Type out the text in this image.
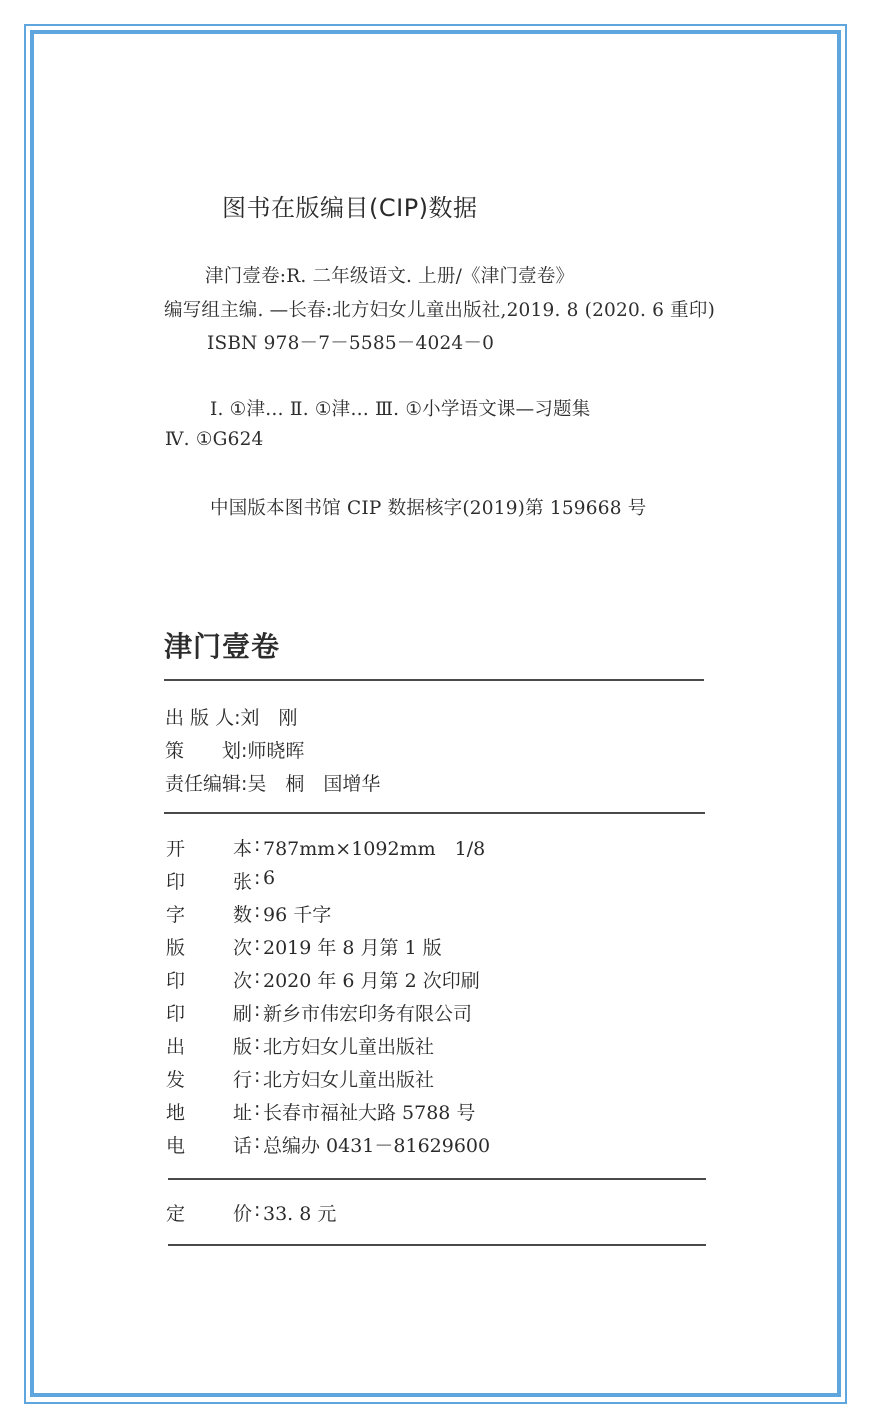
图书在版编目(CIP)数据
津门壹卷:R. 二年级语文. 上册/《津门壹卷》
编写组主编. —长春:北方妇女儿童出版社,2019. 8 (2020. 6 重印)
ISBN 978－7－5585－4024－0
Ⅰ. ①津… Ⅱ. ①津… Ⅲ. ①小学语文课—习题集
Ⅳ. ①G624
中国版本图书馆 CIP 数据核字(2019)第 159668 号
津门壹卷
出 版 人:刘　刚
策　　划:师晓晖
责任编辑:吴　桐　国增华
开	本 : 787mm×1092mm　1/8
印	张 : 6
字	数 : 96 千字
版	次 : 2019 年 8 月第 1 版
印	次 : 2020 年 6 月第 2 次印刷
印	刷 : 新乡市伟宏印务有限公司
出	版 : 北方妇女儿童出版社
发	行 : 北方妇女儿童出版社
地	址 : 长春市福祉大路 5788 号
电	话 : 总编办 0431－81629600
定	价 : 33. 8 元
